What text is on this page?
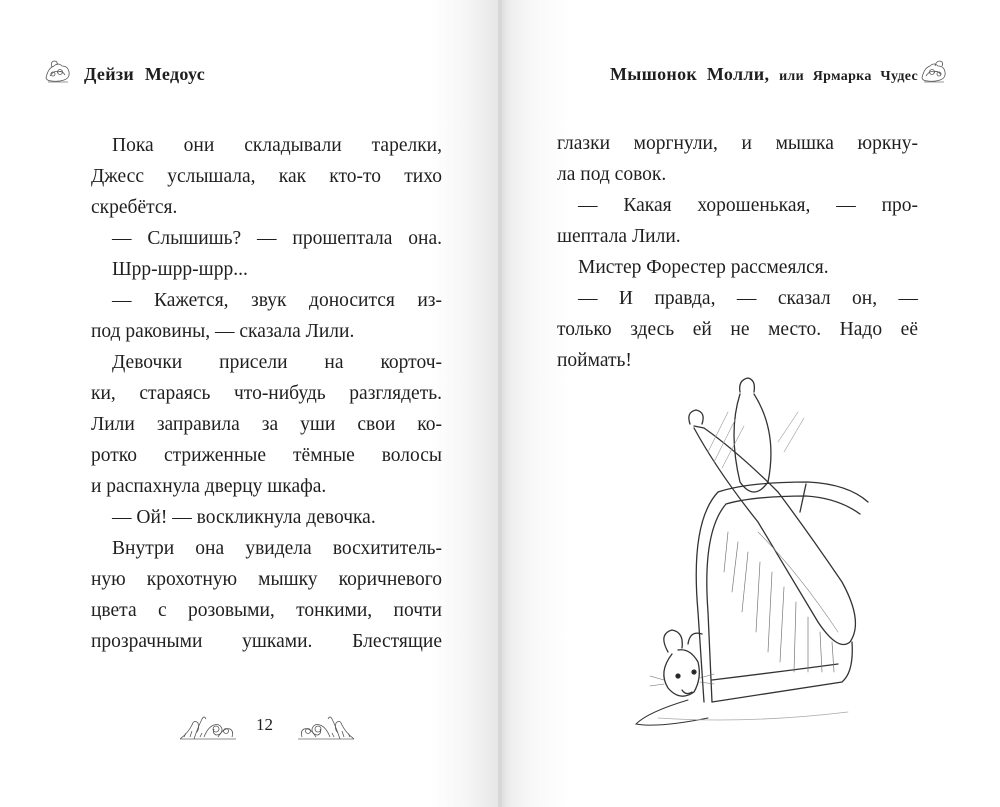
Дейзи Медоус
Пока они складывали тарелки,
Джесс услышала, как кто-то тихо
скребётся.
— Слышишь? — прошептала она.
Шрр-шрр-шрр...
— Кажется, звук доносится из-
под раковины, — сказала Лили.
Девочки присели на корточ-
ки, стараясь что-нибудь разглядеть.
Лили заправила за уши свои ко-
ротко стриженные тёмные волосы
и распахнула дверцу шкафа.
— Ой! — воскликнула девочка.
Внутри она увидела восхититель-
ную крохотную мышку коричневого
цвета с розовыми, тонкими, почти
прозрачными ушками. Блестящие
12
Мышонок Молли, или Ярмарка Чудес
глазки моргнули, и мышка юркну-
ла под совок.
— Какая хорошенькая, — про-
шептала Лили.
Мистер Форестер рассмеялся.
— И правда, — сказал он, —
только здесь ей не место. Надо её
поймать!
